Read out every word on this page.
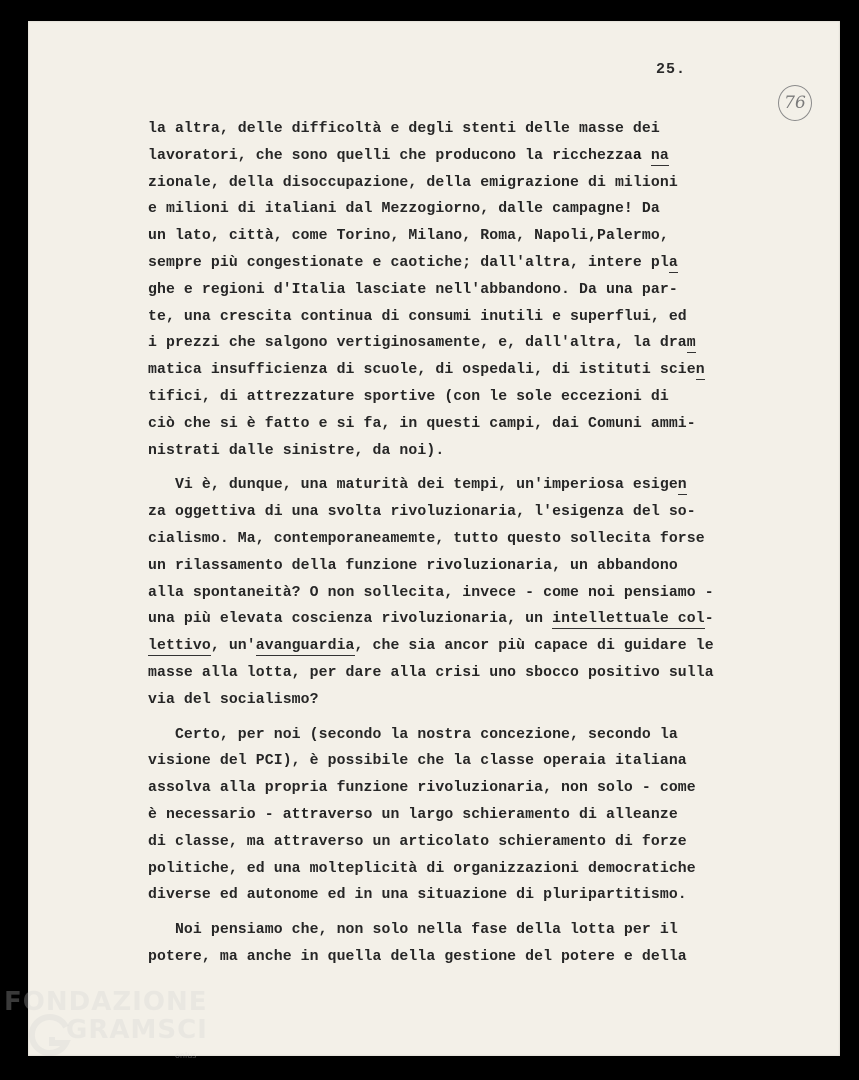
25.
76
la altra, delle difficoltà e degli stenti delle masse dei
lavoratori, che sono quelli che producono la ricchezzaa na
zionale, della disoccupazione, della emigrazione di milioni
e milioni di italiani dal Mezzogiorno, dalle campagne! Da
un lato, città, come Torino, Milano, Roma, Napoli,Palermo,
sempre più congestionate e caotiche; dall'altra, intere pla
ghe e regioni d'Italia lasciate nell'abbandono. Da una par-
te, una crescita continua di consumi inutili e superflui, ed
i prezzi che salgono vertiginosamente, e, dall'altra, la dram
matica insufficienza di scuole, di ospedali, di istituti scien
tifici, di attrezzature sportive (con le sole eccezioni di
ciò che si è fatto e si fa, in questi campi, dai Comuni ammi-
nistrati dalle sinistre, da noi).
Vi è, dunque, una maturità dei tempi, un'imperiosa esigen
za oggettiva di una svolta rivoluzionaria, l'esigenza del so-
cialismo. Ma, contemporaneamemte, tutto questo sollecita forse
un rilassamento della funzione rivoluzionaria, un abbandono
alla spontaneità? O non sollecita, invece - come noi pensiamo -
una più elevata coscienza rivoluzionaria, un intellettuale col-
lettivo, un'avanguardia, che sia ancor più capace di guidare le
masse alla lotta, per dare alla crisi uno sbocco positivo sulla
via del socialismo?
Certo, per noi (secondo la nostra concezione, secondo la
visione del PCI), è possibile che la classe operaia italiana
assolva alla propria funzione rivoluzionaria, non solo - come
è necessario - attraverso un largo schieramento di alleanze
di classe, ma attraverso un articolato schieramento di forze
politiche, ed una molteplicità di organizzazioni democratiche
diverse ed autonome ed in una situazione di pluripartitismo.
Noi pensiamo che, non solo nella fase della lotta per il
potere, ma anche in quella della gestione del potere e della
FONDAZIONE
GRAMSCI
onlus
